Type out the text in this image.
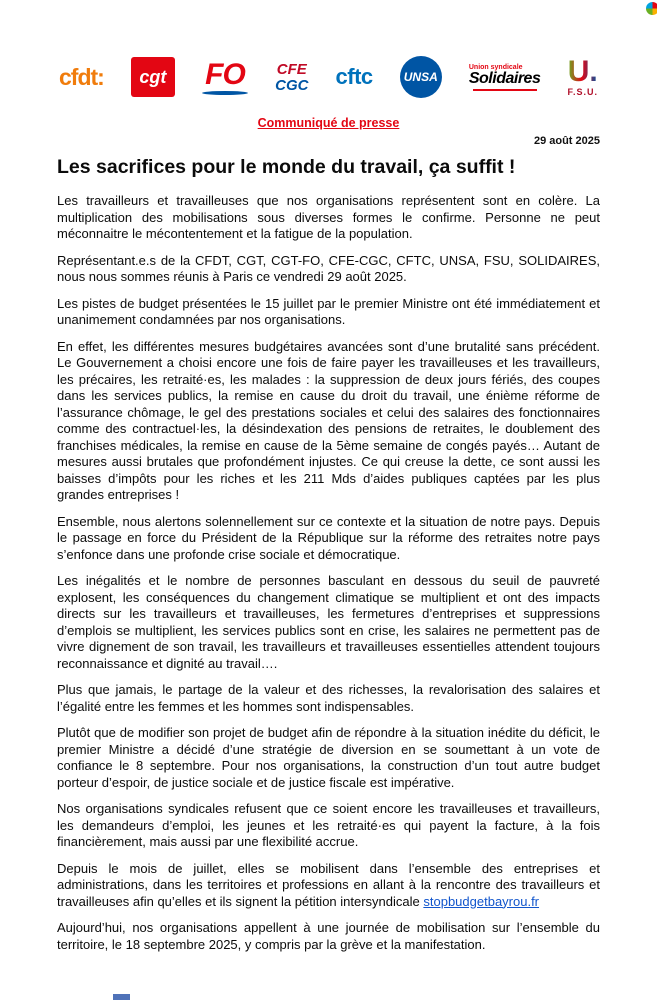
cfdt:	cgt FO CFE
CGC cftc	UNSA
Union syndicale
Solidaires U.
F.S.U.
Communiqué de presse
29 août 2025
Les sacrifices pour le monde du travail, ça suffit !

Les travailleurs et travailleuses que nos organisations représentent sont en colère. La multiplication des mobilisations sous diverses formes le confirme. Personne ne peut méconnaitre le mécontentement et la fatigue de la population.

Représentant.e.s de la CFDT, CGT, CGT-FO, CFE-CGC, CFTC, UNSA, FSU, SOLIDAIRES, nous nous sommes réunis à Paris ce vendredi 29 août 2025.

Les pistes de budget présentées le 15 juillet par le premier Ministre ont été immédiatement et unanimement condamnées par nos organisations.

En effet, les différentes mesures budgétaires avancées sont d’une brutalité sans précédent. Le Gouvernement a choisi encore une fois de faire payer les travailleuses et les travailleurs, les précaires, les retraité·es, les malades : la suppression de deux jours fériés, des coupes dans les services publics, la remise en cause du droit du travail, une énième réforme de l’assurance chômage, le gel des prestations sociales et celui des salaires des fonctionnaires comme des contractuel·les, la désindexation des pensions de retraites, le doublement des franchises médicales, la remise en cause de la 5ème semaine de congés payés… Autant de mesures aussi brutales que profondément injustes. Ce qui creuse la dette, ce sont aussi les baisses d’impôts pour les riches et les 211 Mds d’aides publiques captées par les plus grandes entreprises !

Ensemble, nous alertons solennellement sur ce contexte et la situation de notre pays. Depuis le passage en force du Président de la République sur la réforme des retraites notre pays s’enfonce dans une profonde crise sociale et démocratique.

Les inégalités et le nombre de personnes basculant en dessous du seuil de pauvreté explosent, les conséquences du changement climatique se multiplient et ont des impacts directs sur les travailleurs et travailleuses, les fermetures d’entreprises et suppressions d’emplois se multiplient, les services publics sont en crise, les salaires ne permettent pas de vivre dignement de son travail, les travailleurs et travailleuses essentielles attendent toujours reconnaissance et dignité au travail….

Plus que jamais, le partage de la valeur et des richesses, la revalorisation des salaires et l’égalité entre les femmes et les hommes sont indispensables.

Plutôt que de modifier son projet de budget afin de répondre à la situation inédite du déficit, le premier Ministre a décidé d’une stratégie de diversion en se soumettant à un vote de confiance le 8 septembre. Pour nos organisations, la construction d’un tout autre budget porteur d’espoir, de justice sociale et de justice fiscale est impérative.

Nos organisations syndicales refusent que ce soient encore les travailleuses et travailleurs, les demandeurs d’emploi, les jeunes et les retraité·es qui payent la facture, à la fois financièrement, mais aussi par une flexibilité accrue.

Depuis le mois de juillet, elles se mobilisent dans l’ensemble des entreprises et administrations, dans les territoires et professions en allant à la rencontre des travailleurs et travailleuses afin qu’elles et ils signent la pétition intersyndicale stopbudgetbayrou.fr

Aujourd’hui, nos organisations appellent à une journée de mobilisation sur l’ensemble du territoire, le 18 septembre 2025, y compris par la grève et la manifestation.
